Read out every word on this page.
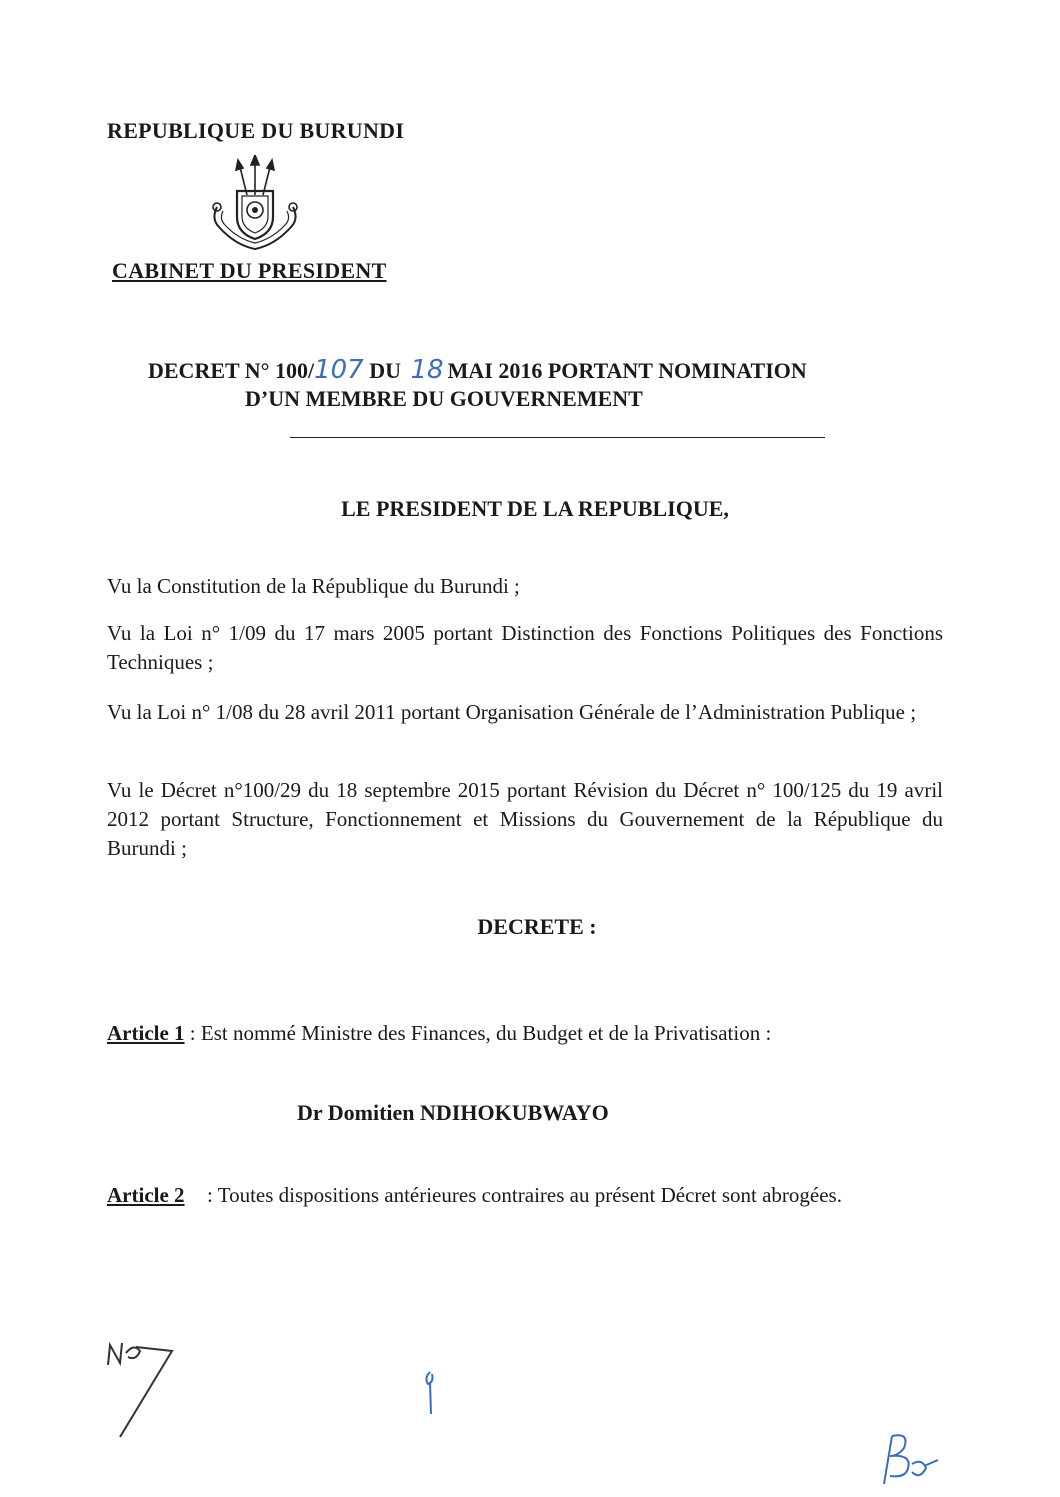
REPUBLIQUE DU BURUNDI
CABINET DU PRESIDENT
DECRET N° 100/107 DU 18 MAI 2016 PORTANT NOMINATION
D’UN MEMBRE DU GOUVERNEMENT
LE PRESIDENT DE LA REPUBLIQUE,
Vu la Constitution de la République du Burundi ;
Vu la Loi n° 1/09 du 17 mars 2005 portant Distinction des Fonctions Politiques des Fonctions Techniques ;
Vu la Loi n° 1/08 du 28 avril 2011 portant Organisation Générale de l’Administration Publique ;
Vu le Décret n°100/29 du 18 septembre 2015 portant Révision du Décret n° 100/125 du 19 avril 2012 portant Structure, Fonctionnement et Missions du Gouvernement de la République du Burundi ;
DECRETE :
Article 1 : Est nommé Ministre des Finances, du Budget et de la Privatisation :
Dr Domitien NDIHOKUBWAYO
Article 2 : Toutes dispositions antérieures contraires au présent Décret sont abrogées.
